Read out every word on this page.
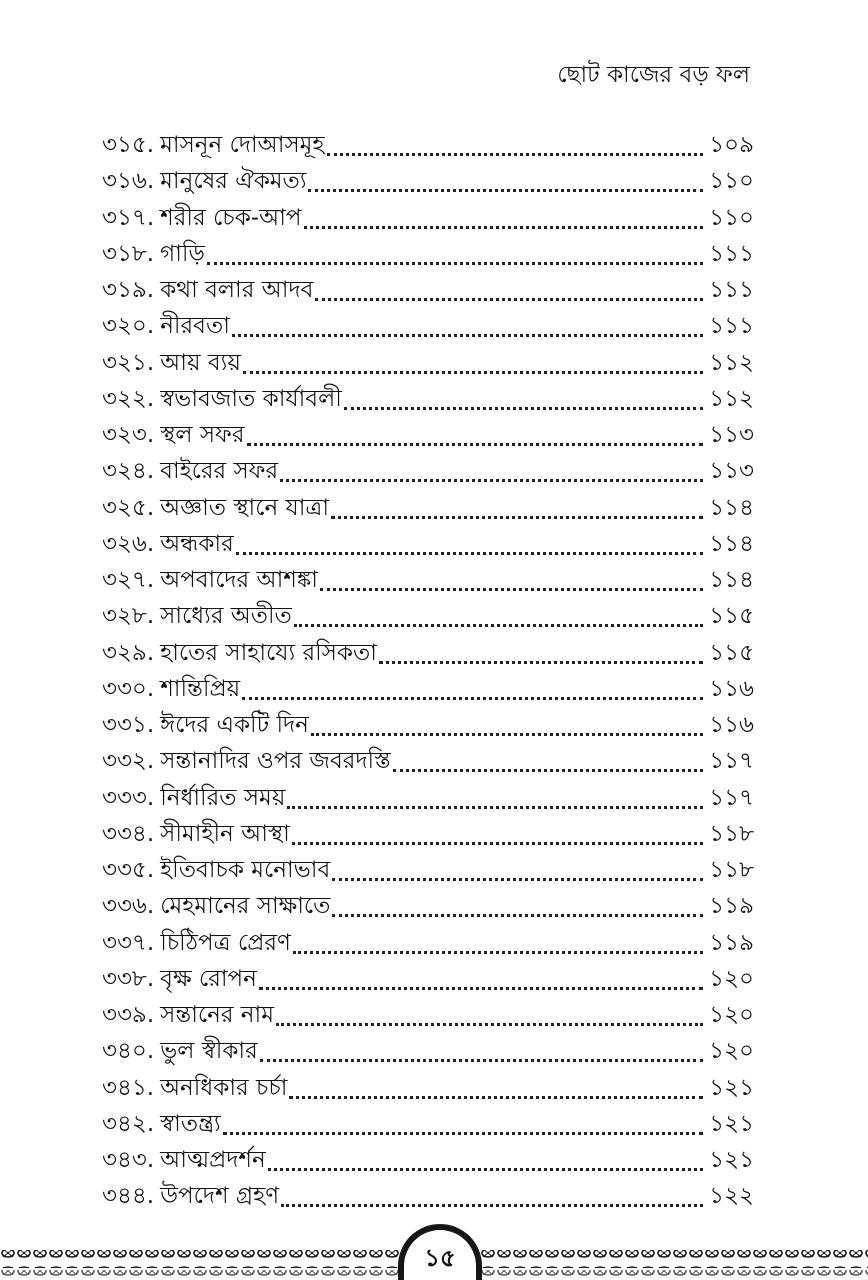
ছোট কাজের বড় ফল
৩১৫. মাসনূন দোআসমূহ	১০৯
৩১৬. মানুষের ঐকমত্য	১১০
৩১৭. শরীর চেক-আপ	১১০
৩১৮. গাড়ি	১১১
৩১৯. কথা বলার আদব	১১১
৩২০. নীরবতা	১১১
৩২১. আয় ব্যয়	১১২
৩২২. স্বভাবজাত কার্যাবলী	১১২
৩২৩. স্থল সফর	১১৩
৩২৪. বাইরের সফর	১১৩
৩২৫. অজ্ঞাত স্থানে যাত্রা	১১৪
৩২৬. অন্ধকার	১১৪
৩২৭. অপবাদের আশঙ্কা	১১৪
৩২৮. সাধ্যের অতীত	১১৫
৩২৯. হাতের সাহায্যে রসিকতা	১১৫
৩৩০. শান্তিপ্রিয়	১১৬
৩৩১. ঈদের একটি দিন	১১৬
৩৩২. সন্তানাদির ওপর জবরদস্তি	১১৭
৩৩৩. নির্ধারিত সময়	১১৭
৩৩৪. সীমাহীন আস্থা	১১৮
৩৩৫. ইতিবাচক মনোভাব	১১৮
৩৩৬. মেহমানের সাক্ষাতে	১১৯
৩৩৭. চিঠিপত্র প্রেরণ	১১৯
৩৩৮. বৃক্ষ রোপন	১২০
৩৩৯. সন্তানের নাম	১২০
৩৪০. ভুল স্বীকার	১২০
৩৪১. অনধিকার চর্চা	১২১
৩৪২. স্বাতন্ত্র্য	১২১
৩৪৩. আত্মপ্রদর্শন	১২১
৩৪৪. উপদেশ গ্রহণ	১২২
১৫
